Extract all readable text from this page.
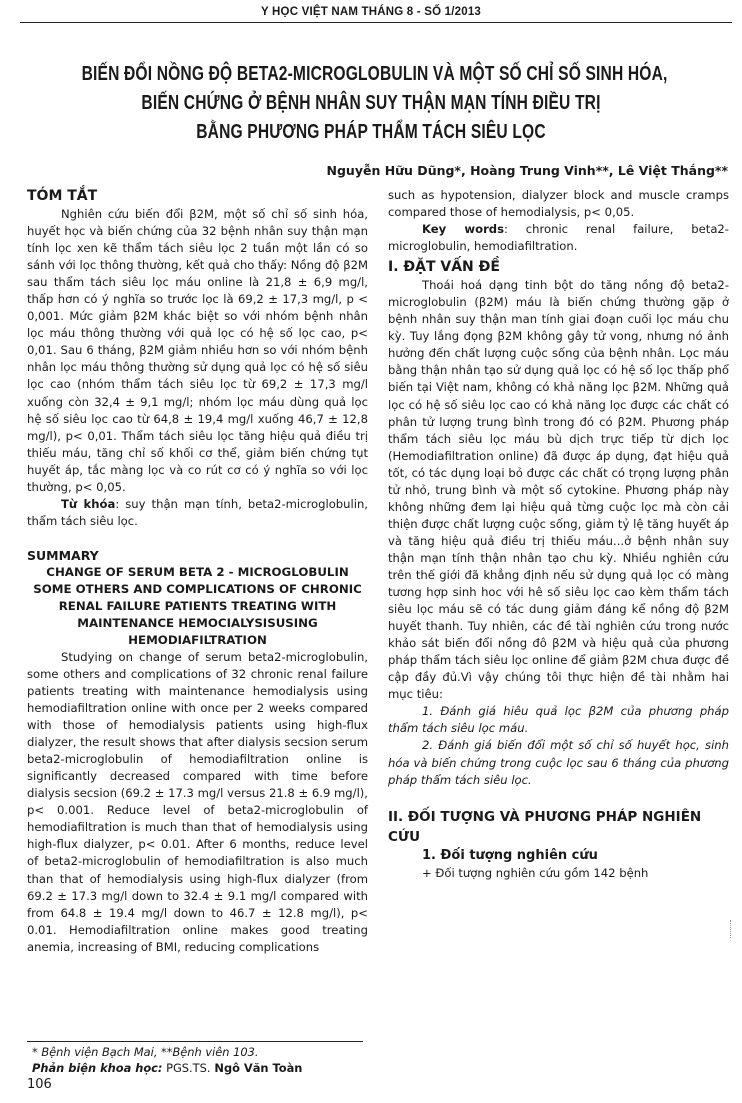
Y HỌC VIỆT NAM THÁNG 8 - SỐ 1/2013
BIẾN ĐỔI NỒNG ĐỘ BETA2-MICROGLOBULIN VÀ MỘT SỐ CHỈ SỐ SINH HÓA,
BIẾN CHỨNG Ở BỆNH NHÂN SUY THẬN MẠN TÍNH ĐIỀU TRỊ
BẰNG PHƯƠNG PHÁP THẨM TÁCH SIÊU LỌC
Nguyễn Hữu Dũng*, Hoàng Trung Vinh**, Lê Việt Thắng**
TÓM TẮT

Nghiên cứu biến đổi β2M, một số chỉ số sinh hóa, huyết học và biến chứng của 32 bệnh nhân suy thận mạn tính lọc xen kẽ thẩm tách siêu lọc 2 tuần một lần có so sánh với lọc thông thường, kết quả cho thấy: Nồng độ β2M sau thẩm tách siêu lọc máu online là 21,8 ± 6,9 mg/l, thấp hơn có ý nghĩa so trước lọc là 69,2 ± 17,3 mg/l, p < 0,001. Mức giảm β2M khác biệt so với nhóm bệnh nhân lọc máu thông thường với quả lọc có hệ số lọc cao, p< 0,01. Sau 6 tháng, β2M giảm nhiều hơn so với nhóm bệnh nhân lọc máu thông thường sử dụng quả lọc có hệ số siêu lọc cao (nhóm thẩm tách siêu lọc từ 69,2 ± 17,3 mg/l xuống còn 32,4 ± 9,1 mg/l; nhóm lọc máu dùng quả lọc hệ số siêu lọc cao từ 64,8 ± 19,4 mg/l xuống 46,7 ± 12,8 mg/l), p< 0,01. Thẩm tách siêu lọc tăng hiệu quả điều trị thiếu máu, tăng chỉ số khối cơ thể, giảm biến chứng tụt huyết áp, tắc màng lọc và co rút cơ có ý nghĩa so với lọc thường, p< 0,05.

Từ khóa: suy thận mạn tính, beta2-microglobulin, thẩm tách siêu lọc.

SUMMARY
CHANGE OF SERUM BETA 2 - MICROGLOBULIN SOME OTHERS AND COMPLICATIONS OF CHRONIC RENAL FAILURE PATIENTS TREATING WITH MAINTENANCE HEMOCIALYSISUSING HEMODIAFILTRATION

Studying on change of serum beta2-microglobulin, some others and complications of 32 chronic renal failure patients treating with maintenance hemodialysis using hemodiafiltration online with once per 2 weeks compared with those of hemodialysis patients using high-flux dialyzer, the result shows that after dialysis secsion serum beta2-microglobulin of hemodiafiltration online is significantly decreased compared with time before dialysis secsion (69.2 ± 17.3 mg/l versus 21.8 ± 6.9 mg/l), p< 0.001. Reduce level of beta2-microglobulin of hemodiafiltration is much than that of hemodialysis using high-flux dialyzer, p< 0.01. After 6 months, reduce level of beta2-microglobulin of hemodiafiltration is also much than that of hemodialysis using high-flux dialyzer (from 69.2 ± 17.3 mg/l down to 32.4 ± 9.1 mg/l compared with from 64.8 ± 19.4 mg/l down to 46.7 ± 12.8 mg/l), p< 0.01. Hemodiafiltration online makes good treating anemia, increasing of BMI, reducing complications

such as hypotension, dialyzer block and muscle cramps compared those of hemodialysis, p< 0,05.

Key words: chronic renal failure, beta2-microglobulin, hemodiafiltration.

I. ĐẶT VẤN ĐỀ

Thoái hoá dạng tinh bột do tăng nồng độ beta2-microglobulin (β2M) máu là biến chứng thường gặp ở bệnh nhân suy thận man tính giai đoạn cuối lọc máu chu kỳ. Tuy lắng đọng β2M không gây tử vong, nhưng nó ảnh hưởng đến chất lượng cuộc sống của bệnh nhân. Lọc máu bằng thận nhân tạo sử dụng quả lọc có hệ số lọc thấp phổ biến tại Việt nam, không có khả năng lọc β2M. Những quả lọc có hệ số siêu lọc cao có khả năng lọc được các chất có phân tử lượng trung bình trong đó có β2M. Phương pháp thẩm tách siêu lọc máu bù dịch trực tiếp từ dịch lọc (Hemodiafiltration online) đã được áp dụng, đạt hiệu quả tốt, có tác dụng loại bỏ được các chất có trọng lượng phân tử nhỏ, trung bình và một số cytokine. Phương pháp này không những đem lại hiệu quả từng cuộc lọc mà còn cải thiện được chất lượng cuộc sống, giảm tỷ lệ tăng huyết áp và tăng hiệu quả điều trị thiếu máu...ở bệnh nhân suy thận mạn tính thận nhân tạo chu kỳ. Nhiều nghiên cứu trên thế giới đã khẳng định nếu sử dụng quả lọc có màng tương hợp sinh hoc với hê số siêu lọc cao kèm thẩm tách siêu lọc máu sẽ có tác dung giảm đáng kể nồng độ β2M huyết thanh. Tuy nhiên, các đề tài nghiên cứu trong nước khảo sát biến đổi nồng đô β2M và hiệu quả của phương pháp thẩm tách siêu lọc online để giảm β2M chưa được đề cập đầy đủ.Vì vậy chúng tôi thực hiện đề tài nhằm hai mục tiêu:

1. Đánh giá hiêu quả lọc β2M của phương pháp thẩm tách siêu lọc máu.

2. Đánh giá biến đổi một số chỉ số huyết học, sinh hóa và biến chứng trong cuộc lọc sau 6 tháng của phương pháp thẩm tách siêu lọc.

II. ĐỐI TƯỢNG VÀ PHƯƠNG PHÁP NGHIÊN CỨU
1. Đối tượng nghiên cứu

+ Đối tượng nghiên cứu gồm 142 bệnh

* Bệnh viện Bạch Mai, **Bệnh viên 103.
Phản biện khoa học: PGS.TS. Ngô Văn Toàn
106
